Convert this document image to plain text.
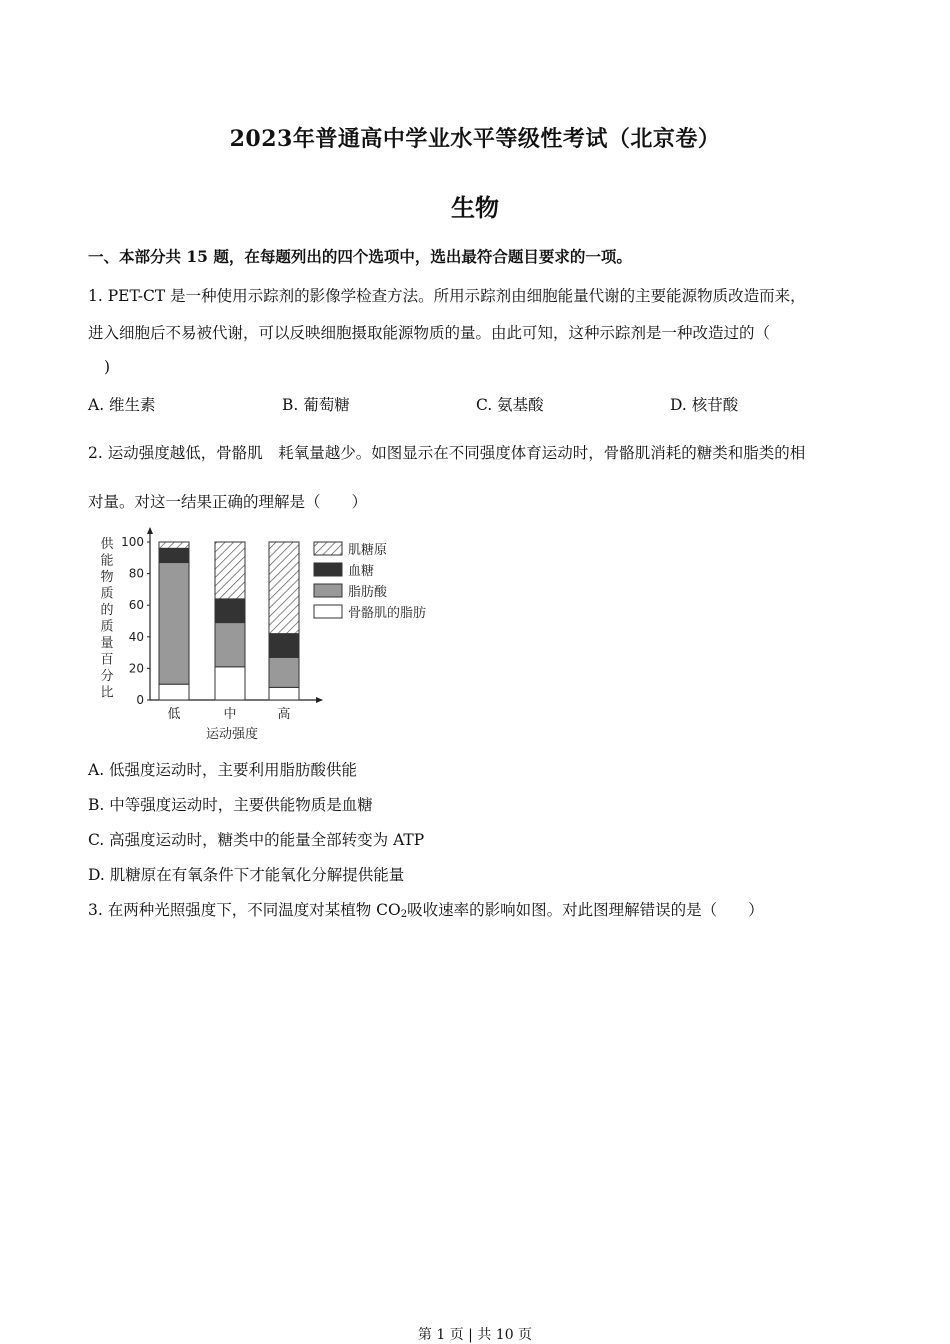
2023年普通高中学业水平等级性考试（北京卷）
生物
一、本部分共 15 题，在每题列出的四个选项中，选出最符合题目要求的一项。
1. PET-CT 是一种使用示踪剂的影像学检查方法。所用示踪剂由细胞能量代谢的主要能源物质改造而来，
进入细胞后不易被代谢，可以反映细胞摄取能源物质的量。由此可知，这种示踪剂是一种改造过的（
)
A. 维生素	B. 葡萄糖	C. 氨基酸	D. 核苷酸
2. 运动强度越低，骨骼肌　耗氧量越少。如图显示在不同强度体育运动时，骨骼肌消耗的糖类和脂类的相
对量。对这一结果正确的理解是（　　）
供
能
物
质
的
质
量
百
分
比 0
20
40
60
80
100
低	中	高
运动强度
肌糖原
血糖
脂肪酸
骨骼肌的脂肪
A. 低强度运动时，主要利用脂肪酸供能
B. 中等强度运动时，主要供能物质是血糖
C. 高强度运动时，糖类中的能量全部转变为 ATP
D. 肌糖原在有氧条件下才能氧化分解提供能量
3. 在两种光照强度下，不同温度对某植物 $CO_2$吸收速率的影响如图。对此图理解错误的是（　　）
第 1 页 | 共 10 页
